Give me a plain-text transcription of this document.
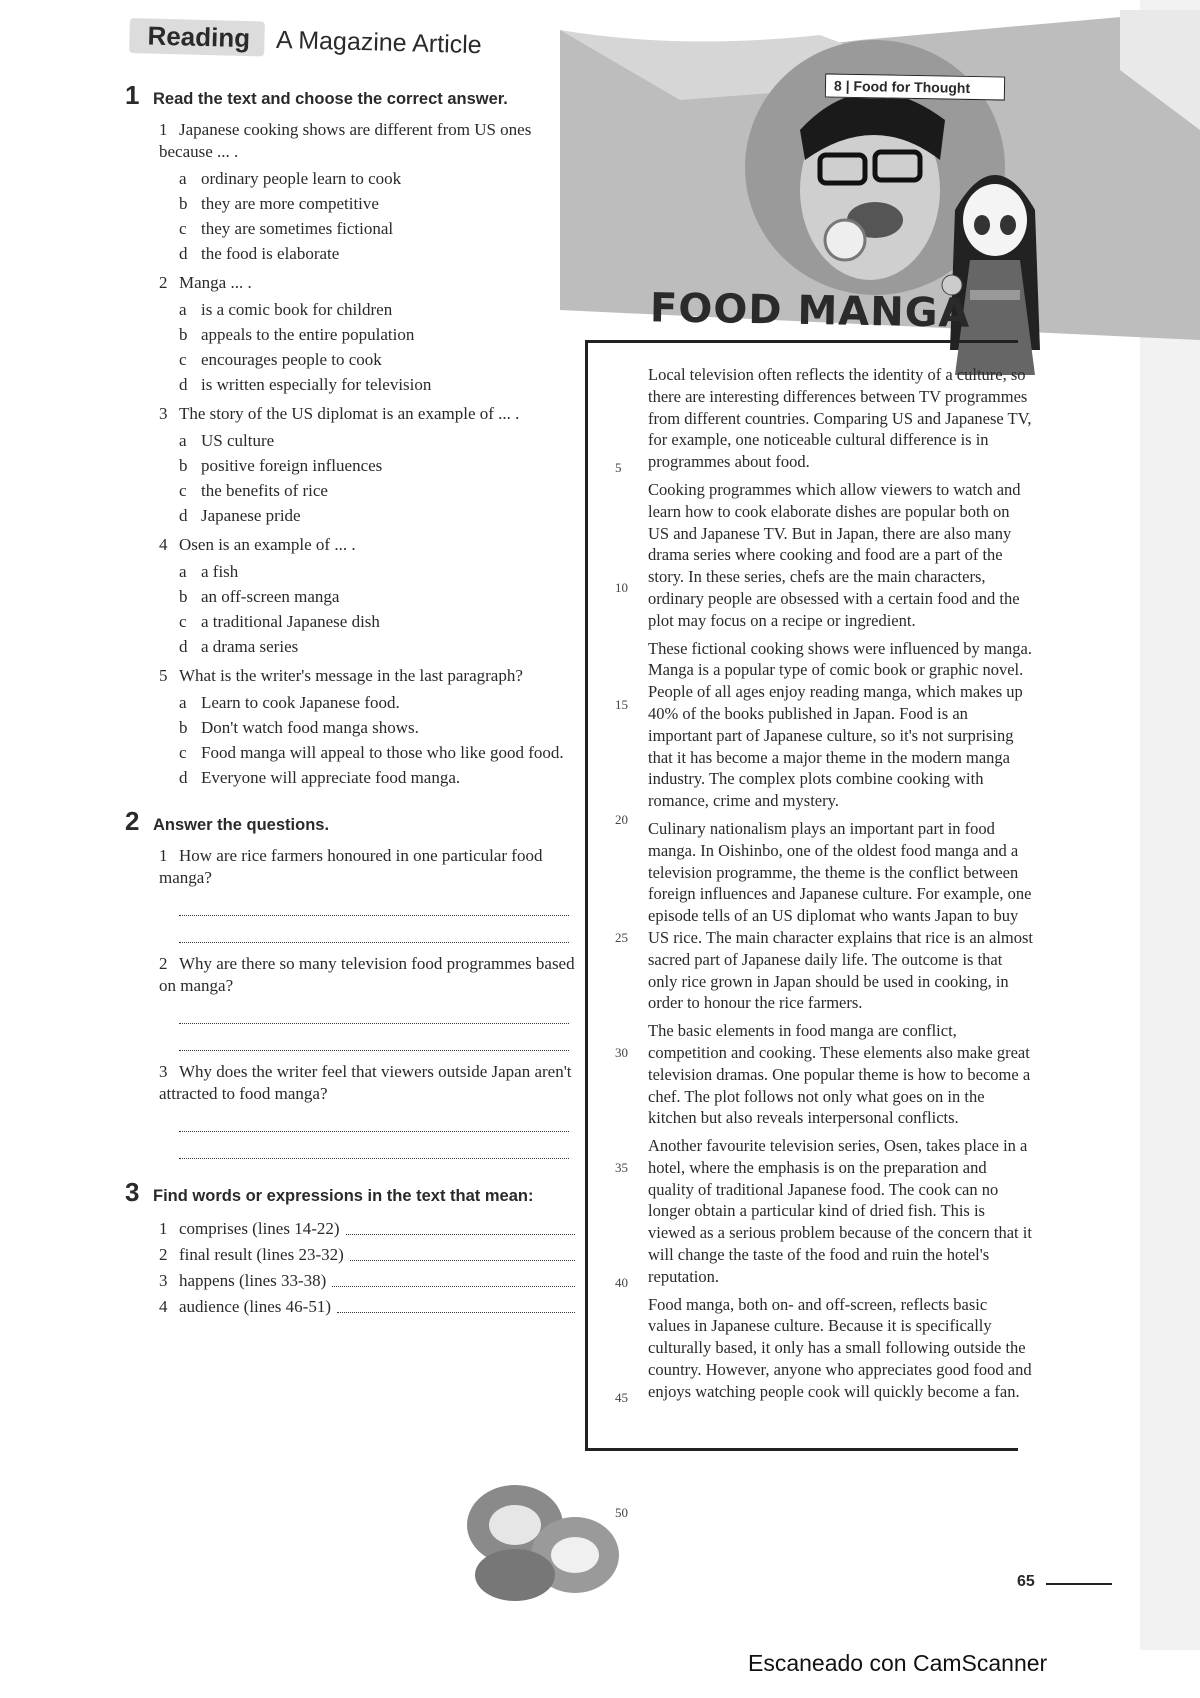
8 | Food for Thought
Reading	A Magazine Article
1 Read the text and choose the correct answer.
1 Japanese cooking shows are different from US ones because ... .
a ordinary people learn to cook
b they are more competitive
c they are sometimes fictional
d the food is elaborate
2 Manga ... .
a is a comic book for children
b appeals to the entire population
c encourages people to cook
d is written especially for television
3 The story of the US diplomat is an example of ... .
a US culture
b positive foreign influences
c the benefits of rice
d Japanese pride
4 Osen is an example of ... .
a a fish
b an off-screen manga
c a traditional Japanese dish
d a drama series
5 What is the writer's message in the last paragraph?
a Learn to cook Japanese food.
b Don't watch food manga shows.
c Food manga will appeal to those who like good food.
d Everyone will appreciate food manga.
2 Answer the questions.
1 How are rice farmers honoured in one particular food manga?
2 Why are there so many television food programmes based on manga?
3 Why does the writer feel that viewers outside Japan aren't attracted to food manga?
3 Find words or expressions in the text that mean:
1 comprises (lines 14-22)
2 final result (lines 23-32)
3 happens (lines 33-38)
4 audience (lines 46-51)
FOOD MANGA

Local television often reflects the identity of a culture, so there are interesting differences between TV programmes from different countries. Comparing US and Japanese TV, for example, one noticeable cultural difference is in programmes about food.

Cooking programmes which allow viewers to watch and learn how to cook elaborate dishes are popular both on US and Japanese TV. But in Japan, there are also many drama series where cooking and food are a part of the story. In these series, chefs are the main characters, ordinary people are obsessed with a certain food and the plot may focus on a recipe or ingredient.

These fictional cooking shows were influenced by manga. Manga is a popular type of comic book or graphic novel. People of all ages enjoy reading manga, which makes up 40% of the books published in Japan. Food is an important part of Japanese culture, so it's not surprising that it has become a major theme in the modern manga industry. The complex plots combine cooking with romance, crime and mystery.

Culinary nationalism plays an important part in food manga. In Oishinbo, one of the oldest food manga and a television programme, the theme is the conflict between foreign influences and Japanese culture. For example, one episode tells of an US diplomat who wants Japan to buy US rice. The main character explains that rice is an almost sacred part of Japanese daily life. The outcome is that only rice grown in Japan should be used in cooking, in order to honour the rice farmers.

The basic elements in food manga are conflict, competition and cooking. These elements also make great television dramas. One popular theme is how to become a chef. The plot follows not only what goes on in the kitchen but also reveals interpersonal conflicts.

Another favourite television series, Osen, takes place in a hotel, where the emphasis is on the preparation and quality of traditional Japanese food. The cook can no longer obtain a particular kind of dried fish. This is viewed as a serious problem because of the concern that it will change the taste of the food and ruin the hotel's reputation.

Food manga, both on- and off-screen, reflects basic values in Japanese culture. Because it is specifically culturally based, it only has a small following outside the country. However, anyone who appreciates good food and enjoys watching people cook will quickly become a fan.

5
10
15
20
25
30
35
40
45
50
65
Escaneado con CamScanner
